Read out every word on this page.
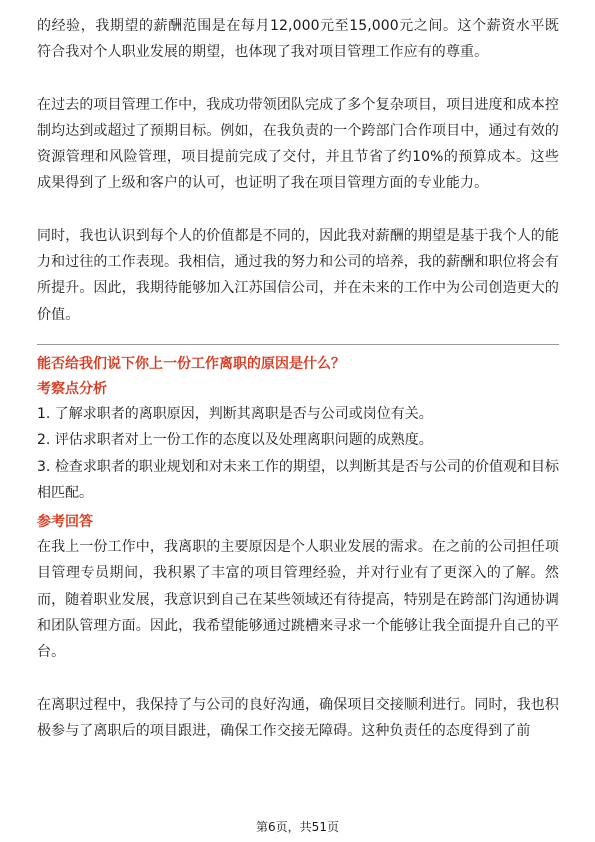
的经验，我期望的薪酬范围是在每月12,000元至15,000元之间。这个薪资水平既符合我对个人职业发展的期望，也体现了我对项目管理工作应有的尊重。

在过去的项目管理工作中，我成功带领团队完成了多个复杂项目，项目进度和成本控制均达到或超过了预期目标。例如，在我负责的一个跨部门合作项目中，通过有效的资源管理和风险管理，项目提前完成了交付，并且节省了约10%的预算成本。这些成果得到了上级和客户的认可，也证明了我在项目管理方面的专业能力。

同时，我也认识到每个人的价值都是不同的，因此我对薪酬的期望是基于我个人的能力和过往的工作表现。我相信，通过我的努力和公司的培养，我的薪酬和职位将会有所提升。因此，我期待能够加入江苏国信公司，并在未来的工作中为公司创造更大的价值。

能否给我们说下你上一份工作离职的原因是什么？

考察点分析

1. 了解求职者的离职原因，判断其离职是否与公司或岗位有关。
2. 评估求职者对上一份工作的态度以及处理离职问题的成熟度。
3. 检查求职者的职业规划和对未来工作的期望，以判断其是否与公司的价值观和目标相匹配。

参考回答

在我上一份工作中，我离职的主要原因是个人职业发展的需求。在之前的公司担任项目管理专员期间，我积累了丰富的项目管理经验，并对行业有了更深入的了解。然而，随着职业发展，我意识到自己在某些领域还有待提高，特别是在跨部门沟通协调和团队管理方面。因此，我希望能够通过跳槽来寻求一个能够让我全面提升自己的平台。

在离职过程中，我保持了与公司的良好沟通，确保项目交接顺利进行。同时，我也积极参与了离职后的项目跟进，确保工作交接无障碍。这种负责任的态度得到了前

第6页，共51页
